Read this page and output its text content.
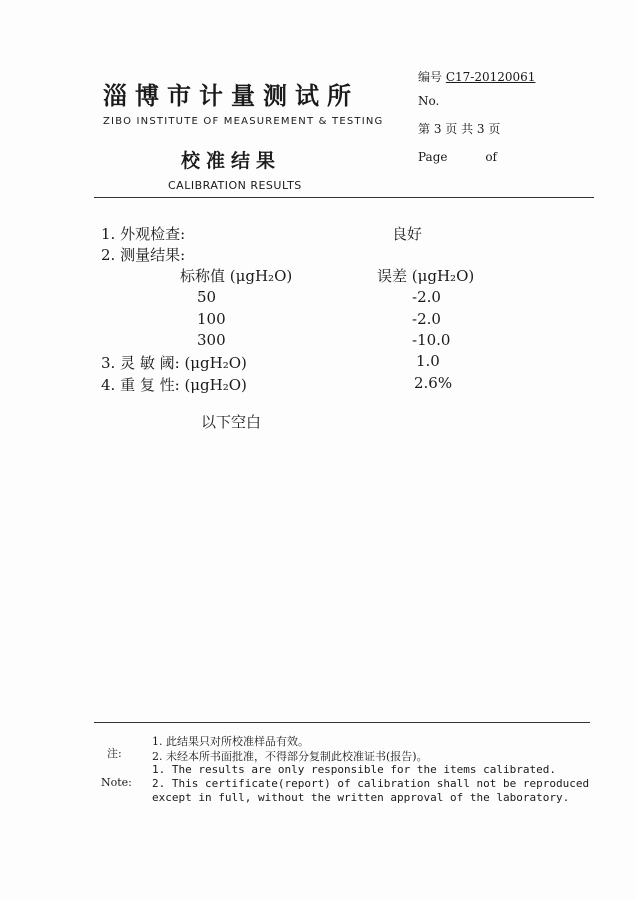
淄博市计量测试所
ZIBO INSTITUTE OF MEASUREMENT & TESTING
校准结果
CALIBRATION RESULTS
编号 C17-20120061
No.
第 3 页 共 3 页
Page	of
1. 外观检查:	良好
2. 测量结果:
标称值 (μgH₂O)	误差 (μgH₂O)
50	-2.0
100	-2.0
300	-10.0
3. 灵 敏 阈: (μgH₂O)	1.0
4. 重 复 性: (μgH₂O)	2.6%
以下空白
注:
Note:
1. 此结果只对所校准样品有效。
2. 未经本所书面批准，不得部分复制此校准证书(报告)。
1. The results are only responsible for the items calibrated.
2. This certificate(report) of calibration shall not be reproduced
except in full, without the written approval of the laboratory.
